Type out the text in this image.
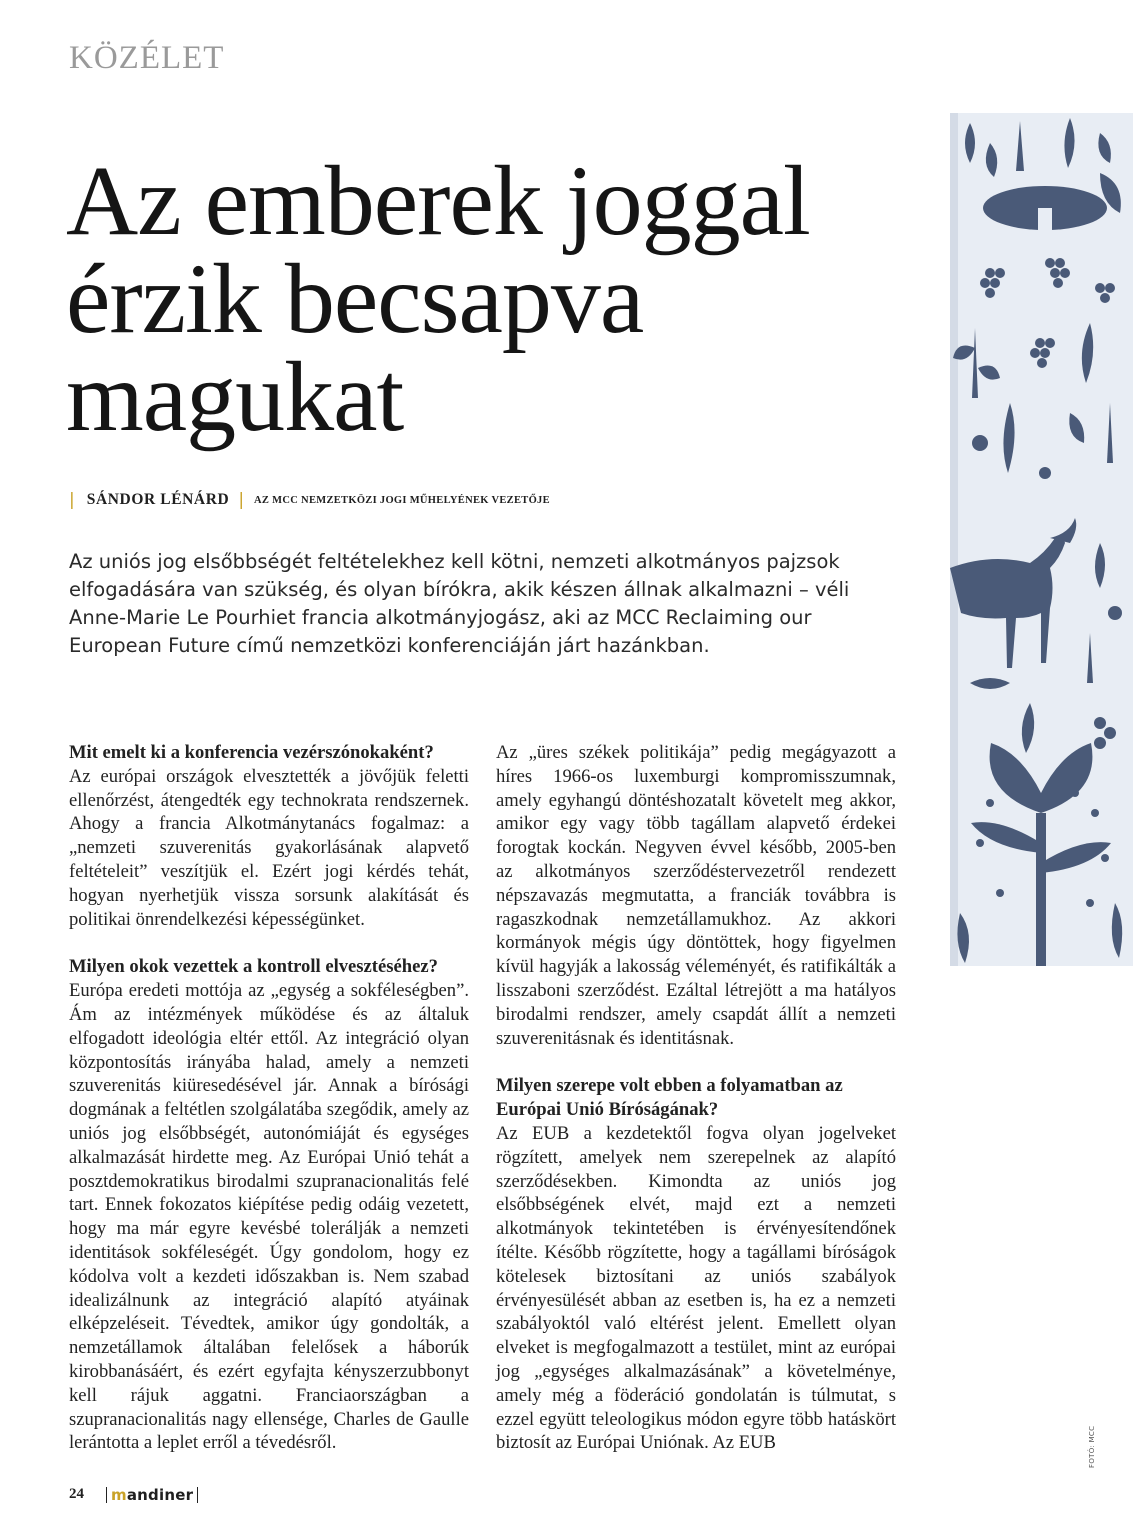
KÖZÉLET
Az emberek joggal
érzik becsapva
magukat
| SÁNDOR LÉNÁRD | AZ MCC NEMZETKÖZI JOGI MŰHELYÉNEK VEZETŐJE
Az uniós jog elsőbbségét feltételekhez kell kötni, nemzeti alkotmányos pajzsok elfogadására van szükség, és olyan bírókra, akik készen állnak alkalmazni – véli Anne-Marie Le Pourhiet francia alkotmányjogász, aki az MCC Reclaiming our European Future című nemzetközi konferenciáján járt hazánkban.

Mit emelt ki a konferencia vezérszónokaként?

Az európai országok elvesztették a jövőjük feletti ellenőrzést, átengedték egy technokrata rendszernek. Ahogy a francia Alkotmánytanács fogalmaz: a „nemzeti szuverenitás gyakorlásának alapvető feltételeit” veszítjük el. Ezért jogi kérdés tehát, hogyan nyerhetjük vissza sorsunk alakítását és politikai önrendelkezési képességünket.

Milyen okok vezettek a kontroll elvesztéséhez?

Európa eredeti mottója az „egység a sokféleségben”. Ám az intézmények működése és az általuk elfogadott ideológia eltér ettől. Az integráció olyan központosítás irányába halad, amely a nemzeti szuverenitás kiüresedésével jár. Annak a bírósági dogmának a feltétlen szolgálatába szegődik, amely az uniós jog elsőbbségét, autonómiáját és egységes alkalmazását hirdette meg. Az Európai Unió tehát a posztdemokratikus birodalmi szupranacionalitás felé tart. Ennek fokozatos kiépítése pedig odáig vezetett, hogy ma már egyre kevésbé tolerálják a nemzeti identitások sokféleségét. Úgy gondolom, hogy ez kódolva volt a kezdeti időszakban is. Nem szabad idealizálnunk az integráció alapító atyáinak elképzeléseit. Tévedtek, amikor úgy gondolták, a nemzetállamok általában felelősek a háborúk kirobbanásáért, és ezért egyfajta kényszerzubbonyt kell rájuk aggatni. Franciaországban a szupranacionalitás nagy ellensége, Charles de Gaulle lerántotta a leplet erről a tévedésről.

Az „üres székek politikája” pedig megágyazott a híres 1966-os luxemburgi kompromisszumnak, amely egyhangú döntéshozatalt követelt meg akkor, amikor egy vagy több tagállam alapvető érdekei forogtak kockán. Negyven évvel később, 2005-ben az alkotmányos szerződéstervezetről rendezett népszavazás megmutatta, a franciák továbbra is ragaszkodnak nemzetállamukhoz. Az akkori kormányok mégis úgy döntöttek, hogy figyelmen kívül hagyják a lakosság véleményét, és ratifikálták a lisszaboni szerződést. Ezáltal létrejött a ma hatályos birodalmi rendszer, amely csapdát állít a nemzeti szuverenitásnak és identitásnak.

Milyen szerepe volt ebben a folyamatban az Európai Unió Bíróságának?

Az EUB a kezdetektől fogva olyan jogelveket rögzített, amelyek nem szerepelnek az alapító szerződésekben. Kimondta az uniós jog elsőbbségének elvét, majd ezt a nemzeti alkotmányok tekintetében is érvényesítendőnek ítélte. Később rögzítette, hogy a tagállami bíróságok kötelesek biztosítani az uniós szabályok érvényesülését abban az esetben is, ha ez a nemzeti szabályoktól való eltérést jelent. Emellett olyan elveket is megfogalmazott a testület, mint az európai jog „egységes alkalmazásának” a követelménye, amely még a föderáció gondolatán is túlmutat, s ezzel együtt teleologikus módon egyre több hatáskört biztosít az Európai Uniónak. Az EUB	FOTÓ: MCC
24	mandiner
